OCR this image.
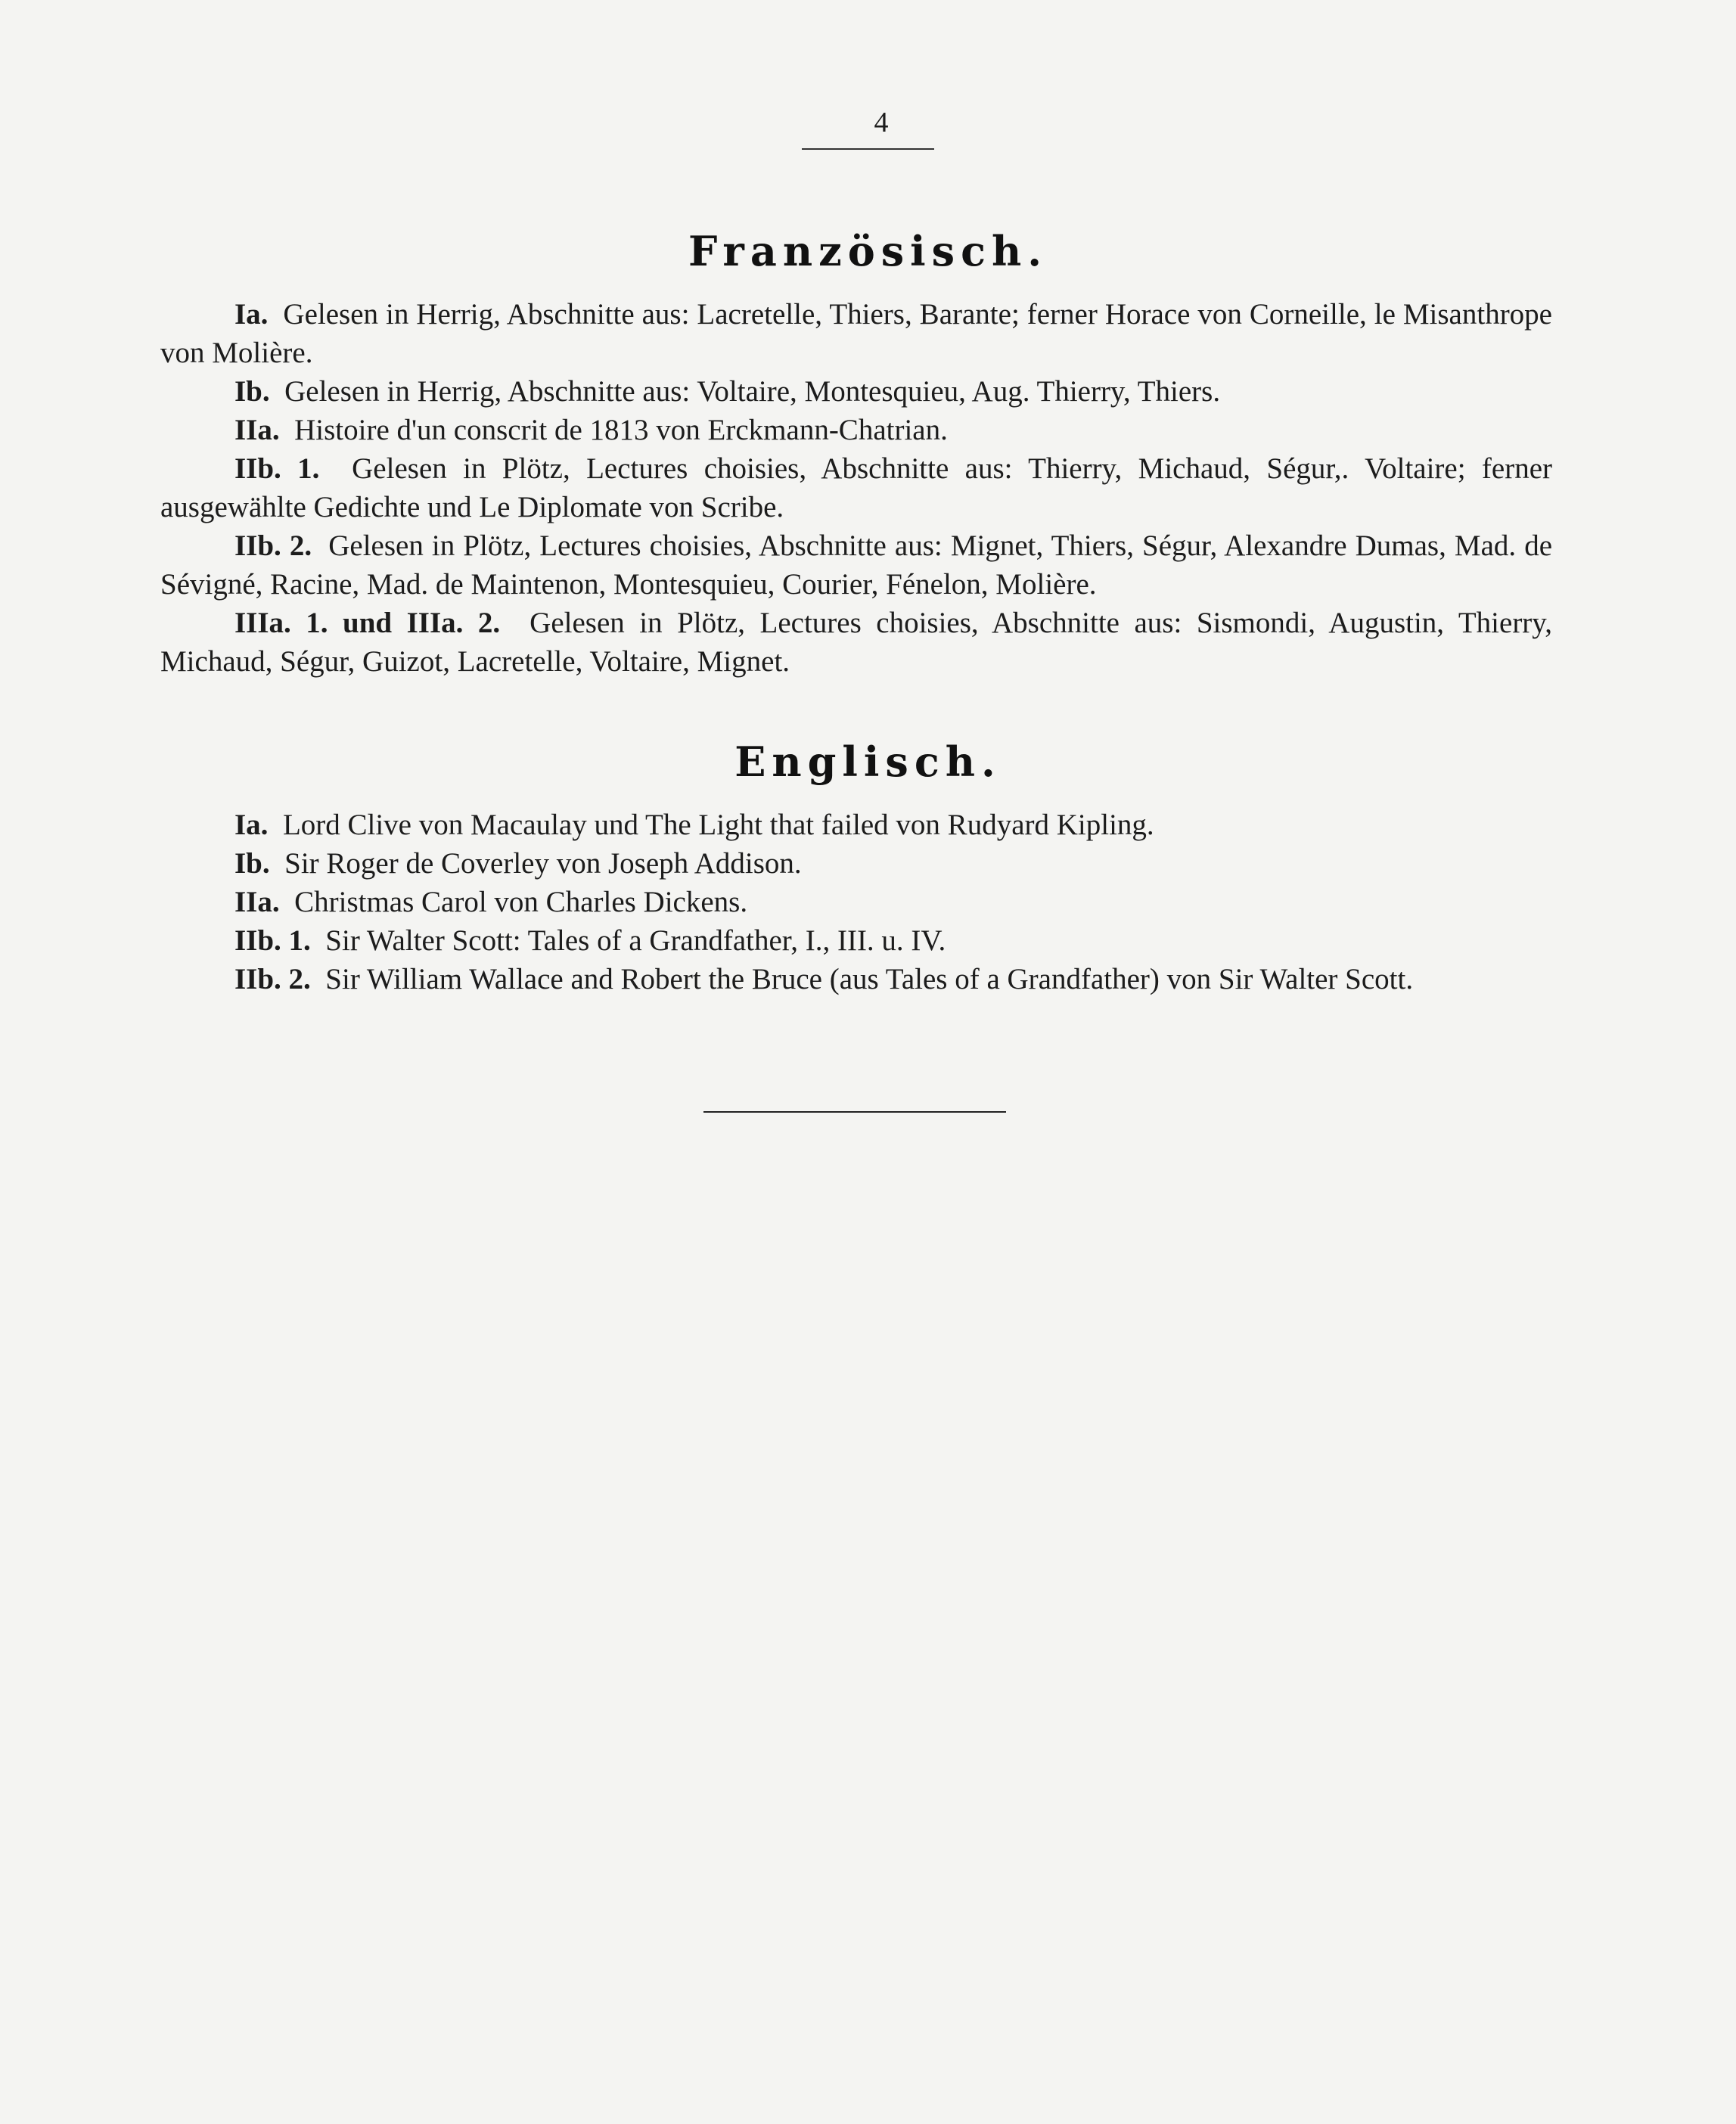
4
Französisch.

Ia. Gelesen in Herrig, Abschnitte aus: Lacretelle, Thiers, Barante; ferner Horace von Corneille, le Misanthrope von Molière.

Ib. Gelesen in Herrig, Abschnitte aus: Voltaire, Montesquieu, Aug. Thierry, Thiers.

IIa. Histoire d'un conscrit de 1813 von Erckmann-Chatrian.

IIb. 1. Gelesen in Plötz, Lectures choisies, Abschnitte aus: Thierry, Michaud, Ségur,. Voltaire; ferner ausgewählte Gedichte und Le Diplomate von Scribe.

IIb. 2. Gelesen in Plötz, Lectures choisies, Abschnitte aus: Mignet, Thiers, Ségur, Alexandre Dumas, Mad. de Sévigné, Racine, Mad. de Maintenon, Montesquieu, Courier, Fénelon, Molière.

IIIa. 1. und IIIa. 2. Gelesen in Plötz, Lectures choisies, Abschnitte aus: Sismondi, Augustin, Thierry, Michaud, Ségur, Guizot, Lacretelle, Voltaire, Mignet.

Englisch.

Ia. Lord Clive von Macaulay und The Light that failed von Rudyard Kipling.

Ib. Sir Roger de Coverley von Joseph Addison.

IIa. Christmas Carol von Charles Dickens.

IIb. 1. Sir Walter Scott: Tales of a Grandfather, I., III. u. IV.

IIb. 2. Sir William Wallace and Robert the Bruce (aus Tales of a Grandfather) von Sir Walter Scott.
